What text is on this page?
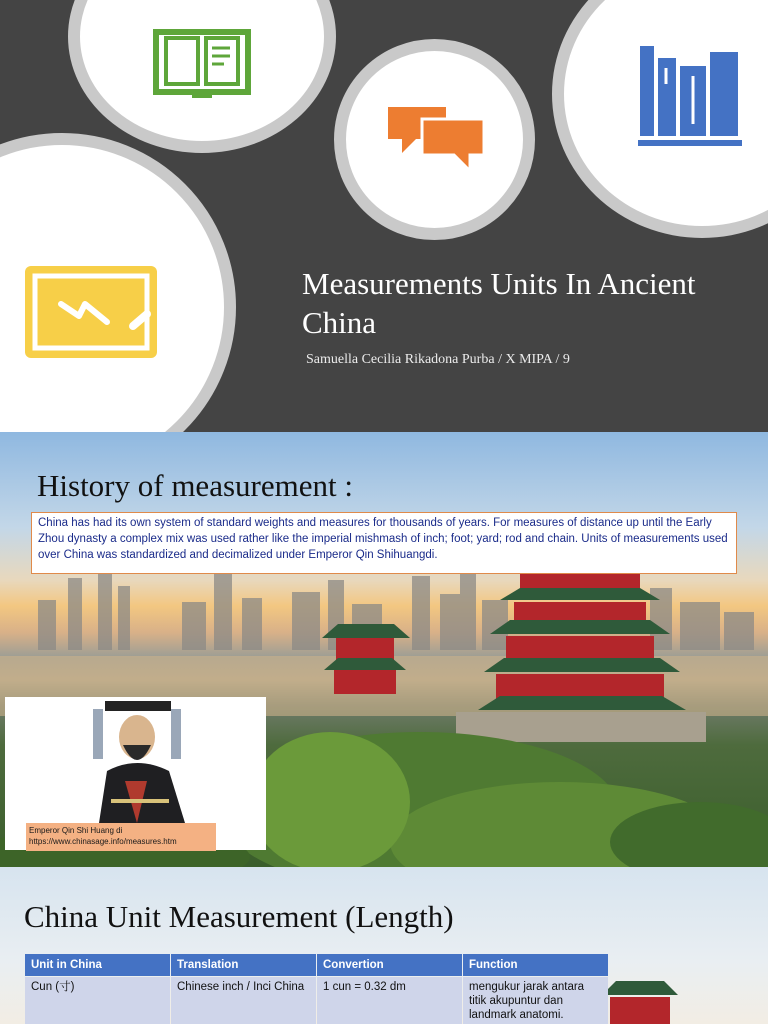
Measurements Units In Ancient China
Samuella Cecilia Rikadona Purba / X MIPA / 9
History of measurement :
China has had its own system of standard weights and measures for thousands of years. For measures of distance up until the Early Zhou dynasty a complex mix was used rather like the imperial mishmash of inch; foot; yard; rod and chain. Units of measurements used over China was standardized and decimalized under Emperor Qin Shihuangdi.
Emperor Qin Shi Huang di
https://www.chinasage.info/measures.htm
China Unit Measurement (Length)
Unit in China	Translation	Convertion	Function
Cun (寸)	Chinese inch / Inci China	1 cun = 0.32 dm	mengukur jarak antara titik akupuntur dan landmark anatomi.
